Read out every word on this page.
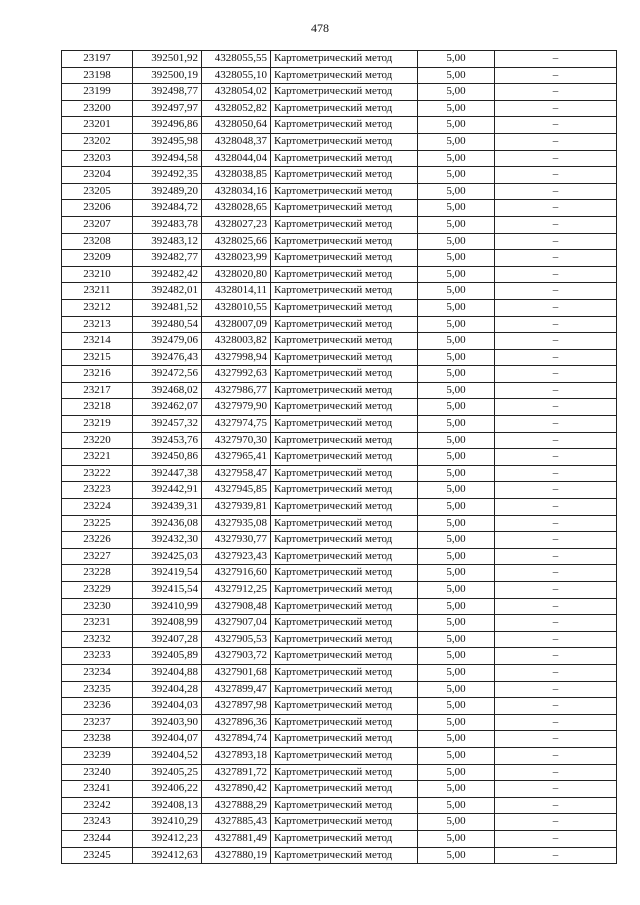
478
23197	392501,92	4328055,55	Картометрический метод	5,00	–
23198	392500,19	4328055,10	Картометрический метод	5,00	–
23199	392498,77	4328054,02	Картометрический метод	5,00	–
23200	392497,97	4328052,82	Картометрический метод	5,00	–
23201	392496,86	4328050,64	Картометрический метод	5,00	–
23202	392495,98	4328048,37	Картометрический метод	5,00	–
23203	392494,58	4328044,04	Картометрический метод	5,00	–
23204	392492,35	4328038,85	Картометрический метод	5,00	–
23205	392489,20	4328034,16	Картометрический метод	5,00	–
23206	392484,72	4328028,65	Картометрический метод	5,00	–
23207	392483,78	4328027,23	Картометрический метод	5,00	–
23208	392483,12	4328025,66	Картометрический метод	5,00	–
23209	392482,77	4328023,99	Картометрический метод	5,00	–
23210	392482,42	4328020,80	Картометрический метод	5,00	–
23211	392482,01	4328014,11	Картометрический метод	5,00	–
23212	392481,52	4328010,55	Картометрический метод	5,00	–
23213	392480,54	4328007,09	Картометрический метод	5,00	–
23214	392479,06	4328003,82	Картометрический метод	5,00	–
23215	392476,43	4327998,94	Картометрический метод	5,00	–
23216	392472,56	4327992,63	Картометрический метод	5,00	–
23217	392468,02	4327986,77	Картометрический метод	5,00	–
23218	392462,07	4327979,90	Картометрический метод	5,00	–
23219	392457,32	4327974,75	Картометрический метод	5,00	–
23220	392453,76	4327970,30	Картометрический метод	5,00	–
23221	392450,86	4327965,41	Картометрический метод	5,00	–
23222	392447,38	4327958,47	Картометрический метод	5,00	–
23223	392442,91	4327945,85	Картометрический метод	5,00	–
23224	392439,31	4327939,81	Картометрический метод	5,00	–
23225	392436,08	4327935,08	Картометрический метод	5,00	–
23226	392432,30	4327930,77	Картометрический метод	5,00	–
23227	392425,03	4327923,43	Картометрический метод	5,00	–
23228	392419,54	4327916,60	Картометрический метод	5,00	–
23229	392415,54	4327912,25	Картометрический метод	5,00	–
23230	392410,99	4327908,48	Картометрический метод	5,00	–
23231	392408,99	4327907,04	Картометрический метод	5,00	–
23232	392407,28	4327905,53	Картометрический метод	5,00	–
23233	392405,89	4327903,72	Картометрический метод	5,00	–
23234	392404,88	4327901,68	Картометрический метод	5,00	–
23235	392404,28	4327899,47	Картометрический метод	5,00	–
23236	392404,03	4327897,98	Картометрический метод	5,00	–
23237	392403,90	4327896,36	Картометрический метод	5,00	–
23238	392404,07	4327894,74	Картометрический метод	5,00	–
23239	392404,52	4327893,18	Картометрический метод	5,00	–
23240	392405,25	4327891,72	Картометрический метод	5,00	–
23241	392406,22	4327890,42	Картометрический метод	5,00	–
23242	392408,13	4327888,29	Картометрический метод	5,00	–
23243	392410,29	4327885,43	Картометрический метод	5,00	–
23244	392412,23	4327881,49	Картометрический метод	5,00	–
23245	392412,63	4327880,19	Картометрический метод	5,00	–
